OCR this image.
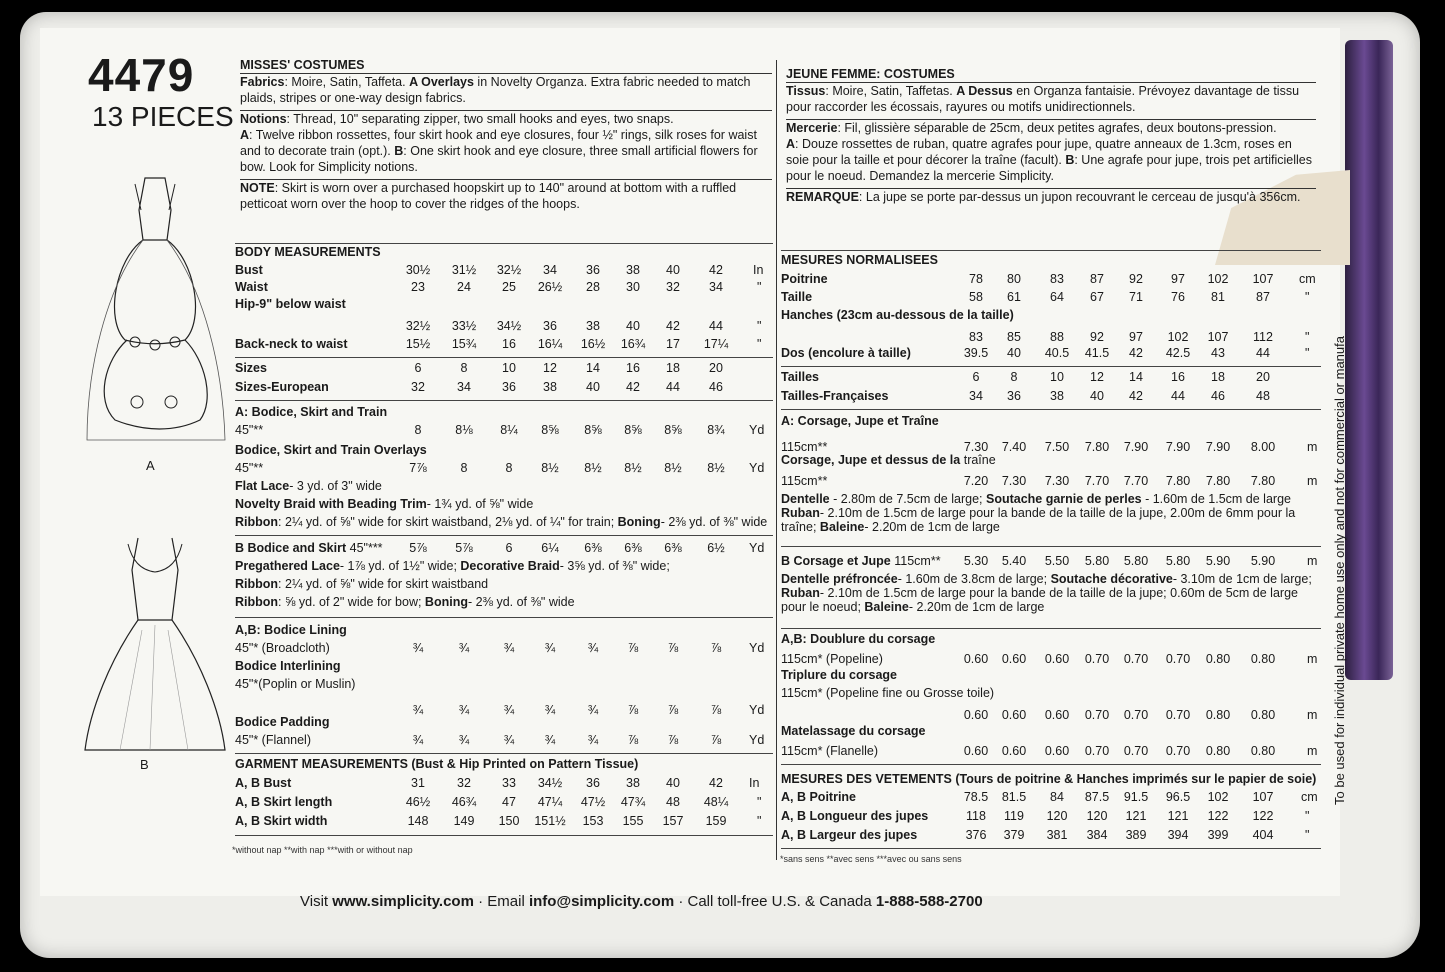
4479
13 PIECES
A
B

MISSES' COSTUMES

Fabrics: Moire, Satin, Taffeta. A Overlays in Novelty Organza. Extra fabric needed to match plaids, stripes or one-way design fabrics.

Notions: Thread, 10" separating zipper, two small hooks and eyes, two snaps.
A: Twelve ribbon rossettes, four skirt hook and eye closures, four ½" rings, silk roses for waist and to decorate train (opt.). B: One skirt hook and eye closure, three small artificial flowers for bow. Look for Simplicity notions.

NOTE: Skirt is worn over a purchased hoopskirt up to 140" around at bottom with a ruffled petticoat worn over the hoop to cover the ridges of the hoops.

BODY MEASUREMENTS
Bust	30½	31½	32½	34	36	38	40	42	In
Waist	23	24	25	26½	28	30	32	34	"
Hip-9" below waist
32½	33½	34½	36	38	40	42	44	"
Back-neck to waist	15½	15¾	16	16¼	16½	16¾	17	17¼	"
Sizes	6	8	10	12	14	16	18	20
Sizes-European	32	34	36	38	40	42	44	46
A: Bodice, Skirt and Train
45"**	8	8⅛	8¼	8⅝	8⅝	8⅝	8⅝	8¾	Yd
Bodice, Skirt and Train Overlays
45"**	7⅞	8	8	8½	8½	8½	8½	8½	Yd
Flat Lace- 3 yd. of 3" wide
Novelty Braid with Beading Trim- 1¾ yd. of ⅝" wide
Ribbon: 2¼ yd. of ⅝" wide for skirt waistband, 2⅛ yd. of ¼" for train; Boning- 2⅜ yd. of ⅜" wide
B Bodice and Skirt 45"***	5⅞	5⅞	6	6¼	6⅜	6⅜	6⅜	6½	Yd
Pregathered Lace- 1⅞ yd. of 1½" wide; Decorative Braid- 3⅝ yd. of ⅜" wide;
Ribbon: 2¼ yd. of ⅝" wide for skirt waistband
Ribbon: ⅝ yd. of 2" wide for bow; Boning- 2⅜ yd. of ⅜" wide
A,B: Bodice Lining
45"* (Broadcloth)	¾	¾	¾	¾	¾	⅞	⅞	⅞	Yd
Bodice Interlining
45"*(Poplin or Muslin)
¾	¾	¾	¾	¾	⅞	⅞	⅞	Yd
Bodice Padding
45"* (Flannel)	¾	¾	¾	¾	¾	⅞	⅞	⅞	Yd
GARMENT MEASUREMENTS (Bust & Hip Printed on Pattern Tissue)
A, B Bust	31	32	33	34½	36	38	40	42	In
A, B Skirt length	46½	46¾	47	47¼	47½	47¾	48	48¼	"
A, B Skirt width	148	149	150	151½	153	155	157	159	"
*without nap **with nap ***with or without nap

JEUNE FEMME: COSTUMES

Tissus: Moire, Satin, Taffetas. A Dessus en Organza fantaisie. Prévoyez davantage de tissu pour raccorder les écossais, rayures ou motifs unidirectionnels.

Mercerie: Fil, glissière séparable de 25cm, deux petites agrafes, deux boutons-pression.
A: Douze rossettes de ruban, quatre agrafes pour jupe, quatre anneaux de 1.3cm, roses en soie pour la taille et pour décorer la traîne (facult). B: Une agrafe pour jupe, trois pet artificielles pour le noeud. Demandez la mercerie Simplicity.

REMARQUE: La jupe se porte par-dessus un jupon recouvrant le cerceau de jusqu'à 356cm.

MESURES NORMALISEES
Poitrine	78	80	83	87	92	97	102	107	cm
Taille	58	61	64	67	71	76	81	87	"
Hanches (23cm au-dessous de la taille)
83	85	88	92	97	102	107	112	"
Dos (encolure à taille)	39.5	40	40.5	41.5	42	42.5	43	44	"
Tailles	6	8	10	12	14	16	18	20
Tailles-Françaises	34	36	38	40	42	44	46	48
A: Corsage, Jupe et Traîne
115cm**	7.30	7.40	7.50	7.80	7.90	7.90	7.90	8.00	m
Corsage, Jupe et dessus de la traîne
115cm**	7.20	7.30	7.30	7.70	7.70	7.80	7.80	7.80	m
Dentelle - 2.80m de 7.5cm de large; Soutache garnie de perles - 1.60m de 1.5cm de large
Ruban- 2.10m de 1.5cm de large pour la bande de la taille de la jupe, 2.00m de 6mm pour la traîne; Baleine- 2.20m de 1cm de large
B Corsage et Jupe 115cm**	5.30	5.40	5.50	5.80	5.80	5.80	5.90	5.90	m
Dentelle préfroncée- 1.60m de 3.8cm de large; Soutache décorative- 3.10m de 1cm de large;
Ruban- 2.10m de 1.5cm de large pour la bande de la taille de la jupe; 0.60m de 5cm de large pour le noeud; Baleine- 2.20m de 1cm de large
A,B: Doublure du corsage
115cm* (Popeline)	0.60	0.60	0.60	0.70	0.70	0.70	0.80	0.80	m
Triplure du corsage
115cm* (Popeline fine ou Grosse toile)
0.60	0.60	0.60	0.70	0.70	0.70	0.80	0.80	m
Matelassage du corsage
115cm* (Flanelle)	0.60	0.60	0.60	0.70	0.70	0.70	0.80	0.80	m
MESURES DES VETEMENTS (Tours de poitrine & Hanches imprimés sur le papier de soie)
A, B Poitrine	78.5	81.5	84	87.5	91.5	96.5	102	107	cm
A, B Longueur des jupes	118	119	120	120	121	121	122	122	"
A, B Largeur des jupes	376	379	381	384	389	394	399	404	"
*sans sens **avec sens ***avec ou sans sens
Visit www.simplicity.com · Email info@simplicity.com · Call toll-free U.S. & Canada 1-888-588-2700
To be used for individual private home use only and not for commercial or manufa
